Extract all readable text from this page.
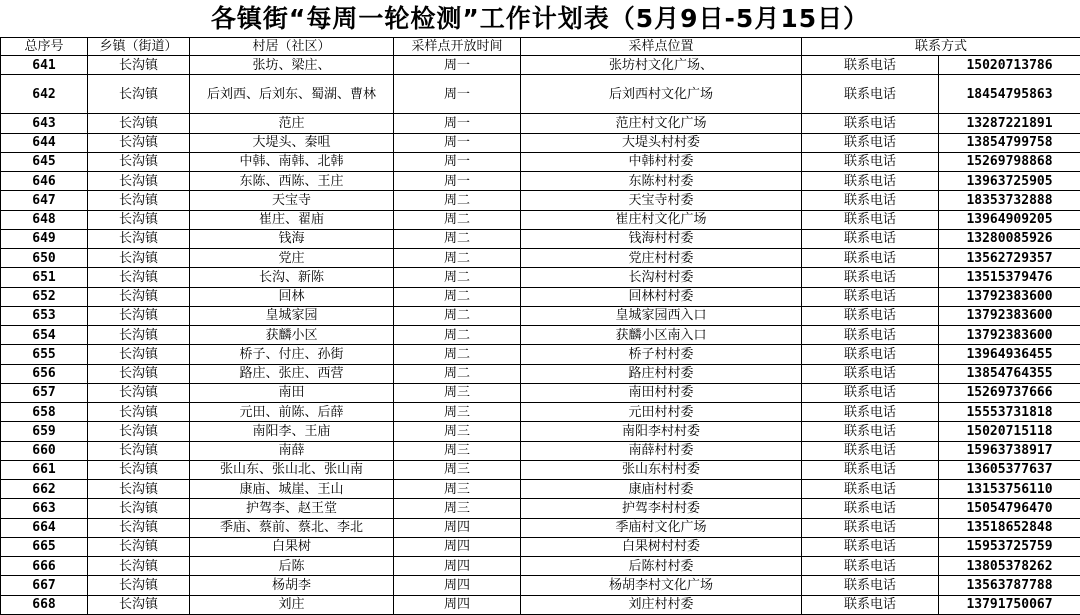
各镇街“每周一轮检测”工作计划表（5月9日-5月15日）
总序号	乡镇（街道）	村居（社区）	采样点开放时间	采样点位置	联系方式	
641	长沟镇	张坊、梁庄、	周一	张坊村文化广场、	联系电话	15020713786
642	长沟镇	后刘西、后刘东、蜀湖、曹林	周一	后刘西村文化广场	联系电话	18454795863
643	长沟镇	范庄	周一	范庄村文化广场	联系电话	13287221891
644	长沟镇	大堤头、秦咀	周一	大堤头村村委	联系电话	13854799758
645	长沟镇	中韩、南韩、北韩	周一	中韩村村委	联系电话	15269798868
646	长沟镇	东陈、西陈、王庄	周一	东陈村村委	联系电话	13963725905
647	长沟镇	天宝寺	周二	天宝寺村委	联系电话	18353732888
648	长沟镇	崔庄、翟庙	周二	崔庄村文化广场	联系电话	13964909205
649	长沟镇	钱海	周二	钱海村村委	联系电话	13280085926
650	长沟镇	党庄	周二	党庄村村委	联系电话	13562729357
651	长沟镇	长沟、新陈	周二	长沟村村委	联系电话	13515379476
652	长沟镇	回林	周二	回林村村委	联系电话	13792383600
653	长沟镇	皇城家园	周二	皇城家园西入口	联系电话	13792383600
654	长沟镇	获麟小区	周二	获麟小区南入口	联系电话	13792383600
655	长沟镇	桥子、付庄、孙街	周二	桥子村村委	联系电话	13964936455
656	长沟镇	路庄、张庄、西营	周二	路庄村村委	联系电话	13854764355
657	长沟镇	南田	周三	南田村村委	联系电话	15269737666
658	长沟镇	元田、前陈、后薛	周三	元田村村委	联系电话	15553731818
659	长沟镇	南阳李、王庙	周三	南阳李村村委	联系电话	15020715118
660	长沟镇	南薛	周三	南薛村村委	联系电话	15963738917
661	长沟镇	张山东、张山北、张山南	周三	张山东村村委	联系电话	13605377637
662	长沟镇	康庙、城崖、王山	周三	康庙村村委	联系电话	13153756110
663	长沟镇	护驾李、赵王堂	周三	护驾李村村委	联系电话	15054796470
664	长沟镇	季庙、蔡前、蔡北、李北	周四	季庙村文化广场	联系电话	13518652848
665	长沟镇	白果树	周四	白果树村村委	联系电话	15953725759
666	长沟镇	后陈	周四	后陈村村委	联系电话	13805378262
667	长沟镇	杨胡李	周四	杨胡李村文化广场	联系电话	13563787788
668	长沟镇	刘庄	周四	刘庄村村委	联系电话	13791750067
